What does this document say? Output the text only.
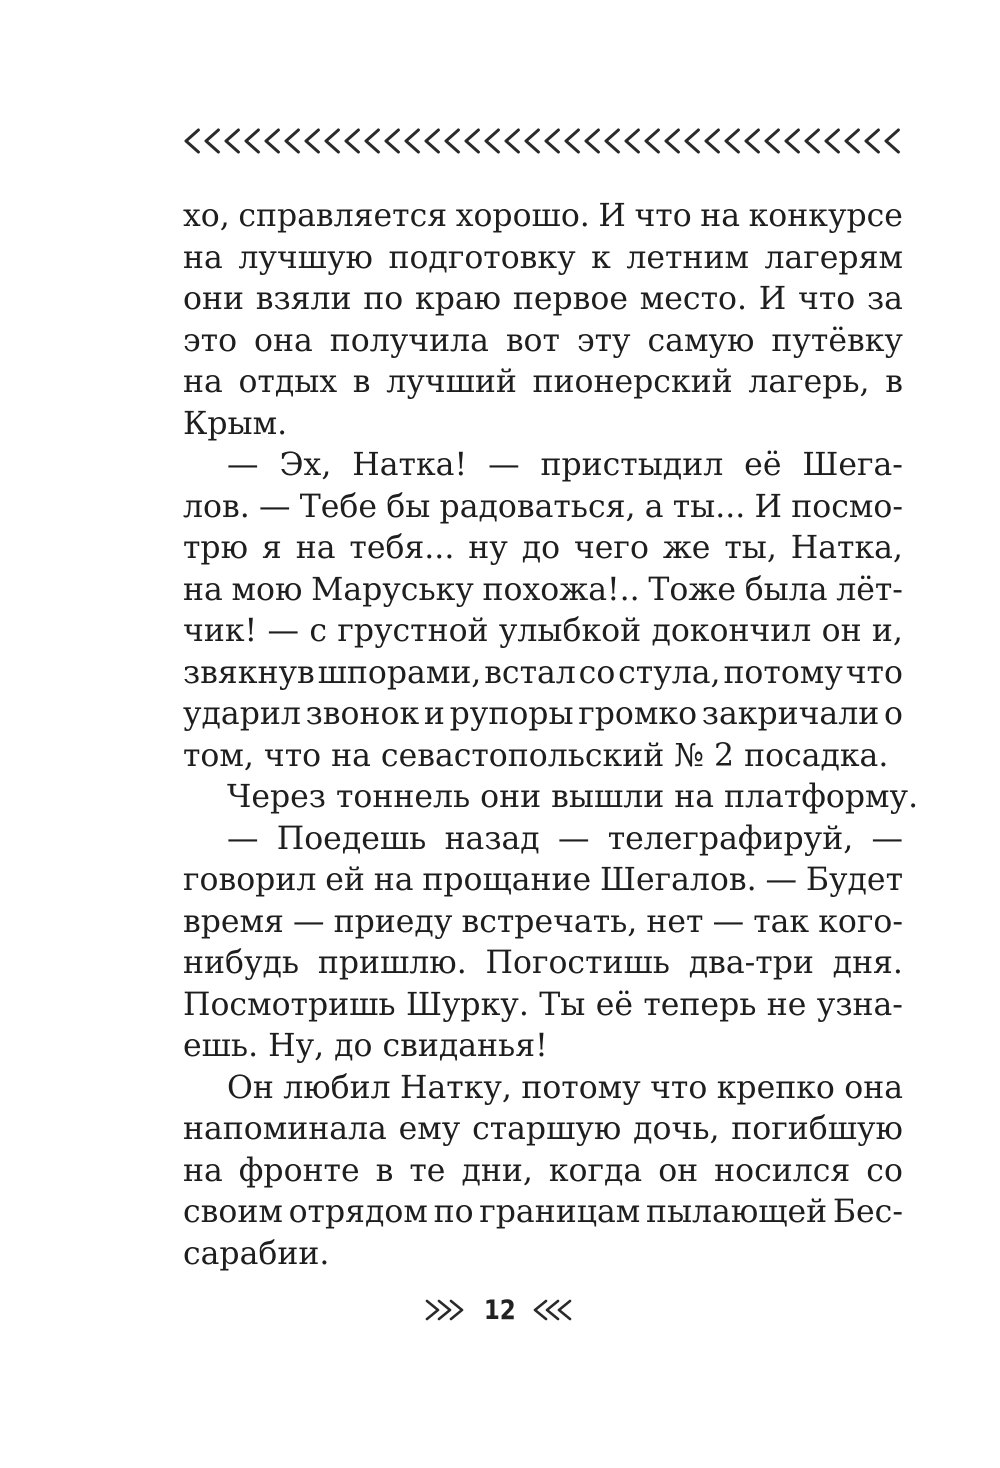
хо, справляется хорошо. И что на конкурсе
на лучшую подготовку к летним лагерям
они взяли по краю первое место. И что за
это она получила вот эту самую путёвку
на отдых в лучший пионерский лагерь, в
Крым.
— Эх, Натка! — пристыдил её Шега-
лов. — Тебе бы радоваться, а ты... И посмо-
трю я на тебя... ну до чего же ты, Натка,
на мою Маруську похожа!.. Тоже была лёт-
чик! — с грустной улыбкой докончил он и,
звякнув шпорами, встал со стула, потому что
ударил звонок и рупоры громко закричали о
том, что на севастопольский № 2 посадка.
Через тоннель они вышли на платформу.
— Поедешь назад — телеграфируй, —
говорил ей на прощание Шегалов. — Будет
время — приеду встречать, нет — так кого-
нибудь пришлю. Погостишь два-три дня.
Посмотришь Шурку. Ты её теперь не узна-
ешь. Ну, до свиданья!
Он любил Натку, потому что крепко она
напоминала ему старшую дочь, погибшую
на фронте в те дни, когда он носился со
своим отрядом по границам пылающей Бес-
сарабии.
12
